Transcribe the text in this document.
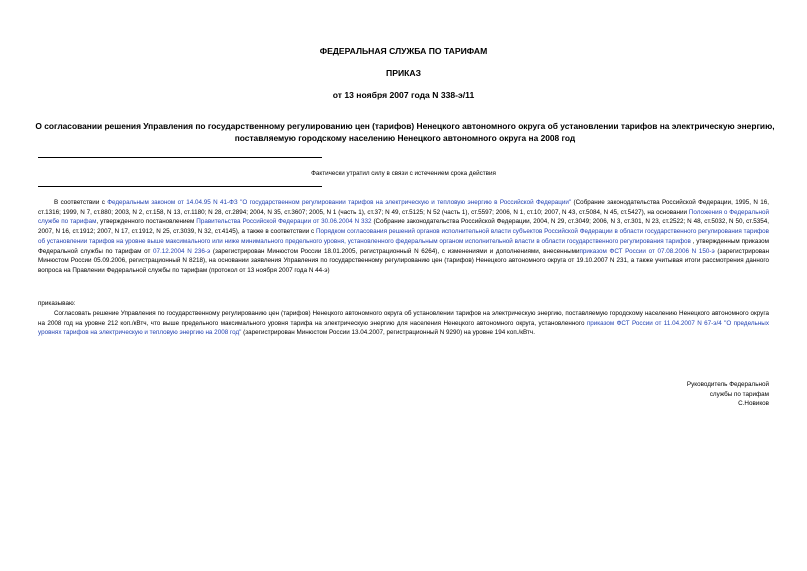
ФЕДЕРАЛЬНАЯ СЛУЖБА ПО ТАРИФАМ
ПРИКАЗ
от 13 ноября 2007 года N 338-э/11
О согласовании решения Управления по государственному регулированию цен (тарифов) Ненецкого автономного округа об установлении тарифов на электрическую энергию, поставляемую городскому населению Ненецкого автономного округа на 2008 год
Фактически утратил силу в связи с истечением срока действия

В соответствии с Федеральным законом от 14.04.95 N 41-ФЗ "О государственном регулировании тарифов на электрическую и тепловую энергию в Российской Федерации" (Собрание законодательства Российской Федерации, 1995, N 16, ст.1316; 1999, N 7, ст.880; 2003, N 2, ст.158, N 13, ст.1180; N 28, ст.2894; 2004, N 35, ст.3607; 2005, N 1 (часть 1), ст.37; N 49, ст.5125; N 52 (часть 1), ст.5597; 2006, N 1, ст.10; 2007, N 43, ст.5084, N 45, ст.5427), на основании Положения о Федеральной службе по тарифам, утвержденного постановлением Правительства Российской Федерации от 30.06.2004 N 332 (Собрание законодательства Российской Федерации, 2004, N 29, ст.3049; 2006, N 3, ст.301, N 23, ст.2522; N 48, ст.5032, N 50, ст.5354, 2007, N 16, ст.1912; 2007, N 17, ст.1912, N 25, ст.3039, N 32, ст.4145), а также в соответствии с Порядком согласования решений органов исполнительной власти субъектов Российской Федерации в области государственного регулирования тарифов об установлении тарифов на уровне выше максимального или ниже минимального предельного уровня, установленного федеральным органом исполнительной власти в области государственного регулирования тарифов , утвержденным приказом Федеральной службы по тарифам от 07.12.2004 N 236-э (зарегистрирован Минюстом России 18.01.2005, регистрационный N 6264), с изменениями и дополнениями, внесеннымиприказом ФСТ России от 07.08.2006 N 150-э (зарегистрирован Минюстом России 05.09.2006, регистрационный N 8218), на основании заявления Управления по государственному регулированию цен (тарифов) Ненецкого автономного округа от 19.10.2007 N 231, а также учитывая итоги рассмотрения данного вопроса на Правлении Федеральной службы по тарифам (протокол от 13 ноября 2007 года N 44-э)

приказываю:

Согласовать решение Управления по государственному регулированию цен (тарифов) Ненецкого автономного округа об установлении тарифов на электрическую энергию, поставляемую городскому населению Ненецкого автономного округа на 2008 год на уровне 212 коп./кВтч, что выше предельного максимального уровня тарифа на электрическую энергию для населения Ненецкого автономного округа, установленного приказом ФСТ России от 11.04.2007 N 67-э/4 "О предельных уровнях тарифов на электрическую и тепловую энергию на 2008 год" (зарегистрирован Минюстом России 13.04.2007, регистрационный N 9290) на уровне 194 коп./кВтч.

Руководитель Федеральной
службы по тарифам
С.Новиков
